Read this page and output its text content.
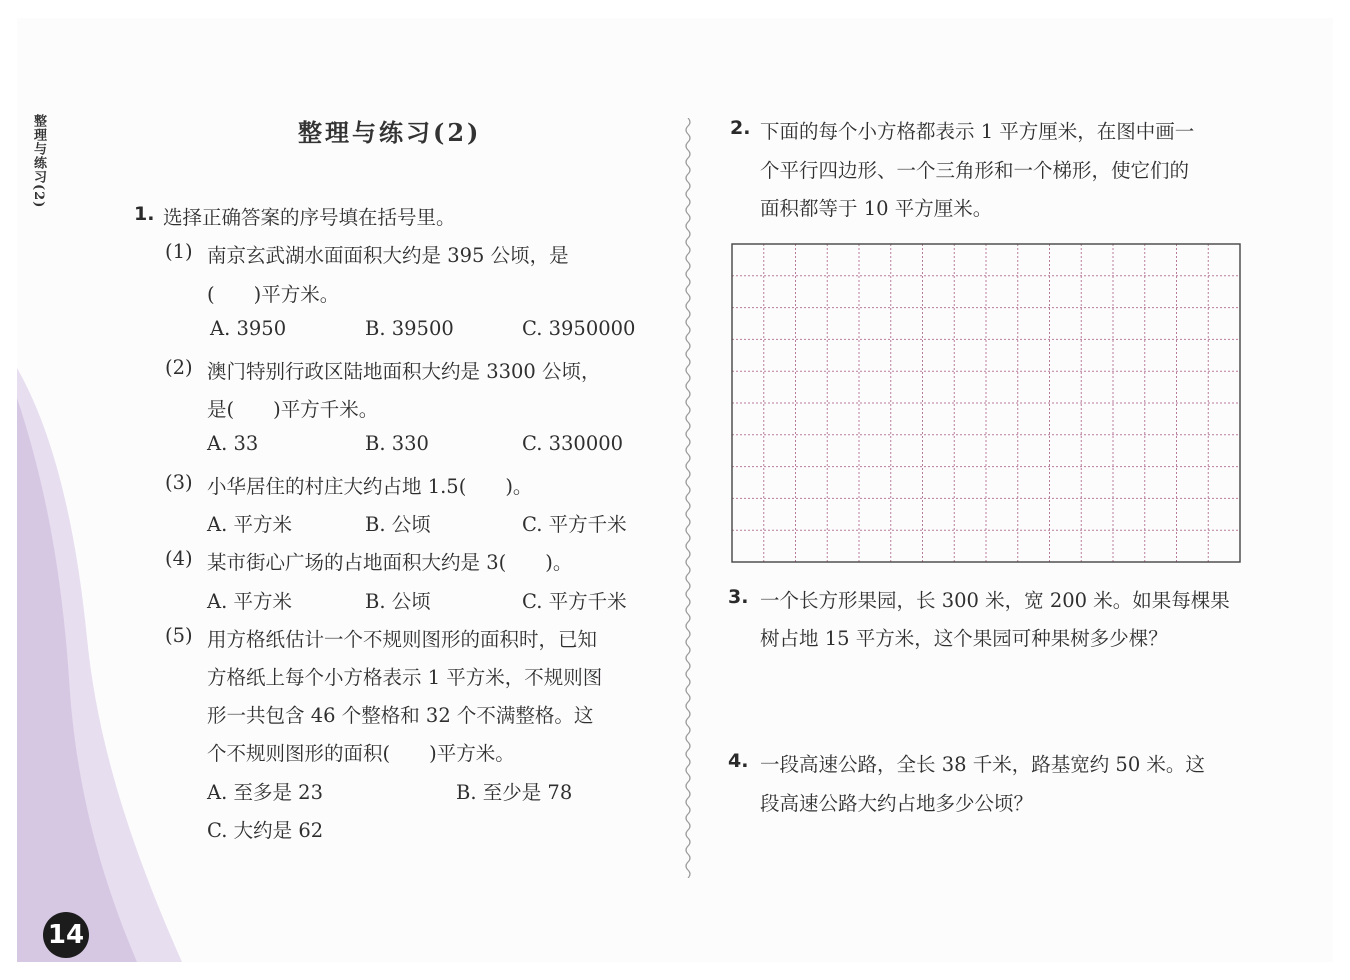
整理与练习(2)
14
整理与练习(2)
1. 选择正确答案的序号填在括号里。
(1) 南京玄武湖水面面积大约是 395 公顷，是
(　　)平方米。
A. 3950	B. 39500	C. 3950000
(2) 澳门特别行政区陆地面积大约是 3300 公顷，
是(　　)平方千米。
A. 33	B. 330	C. 330000
(3) 小华居住的村庄大约占地 1.5(　　)。
A. 平方米	B. 公顷	C. 平方千米
(4) 某市街心广场的占地面积大约是 3(　　)。
A. 平方米	B. 公顷	C. 平方千米
(5) 用方格纸估计一个不规则图形的面积时，已知
方格纸上每个小方格表示 1 平方米，不规则图
形一共包含 46 个整格和 32 个不满整格。这
个不规则图形的面积(　　)平方米。
A. 至多是 23	B. 至少是 78
C. 大约是 62
2. 下面的每个小方格都表示 1 平方厘米，在图中画一
个平行四边形、一个三角形和一个梯形，使它们的
面积都等于 10 平方厘米。
3. 一个长方形果园，长 300 米，宽 200 米。如果每棵果
树占地 15 平方米，这个果园可种果树多少棵？
4. 一段高速公路，全长 38 千米，路基宽约 50 米。这
段高速公路大约占地多少公顷？
